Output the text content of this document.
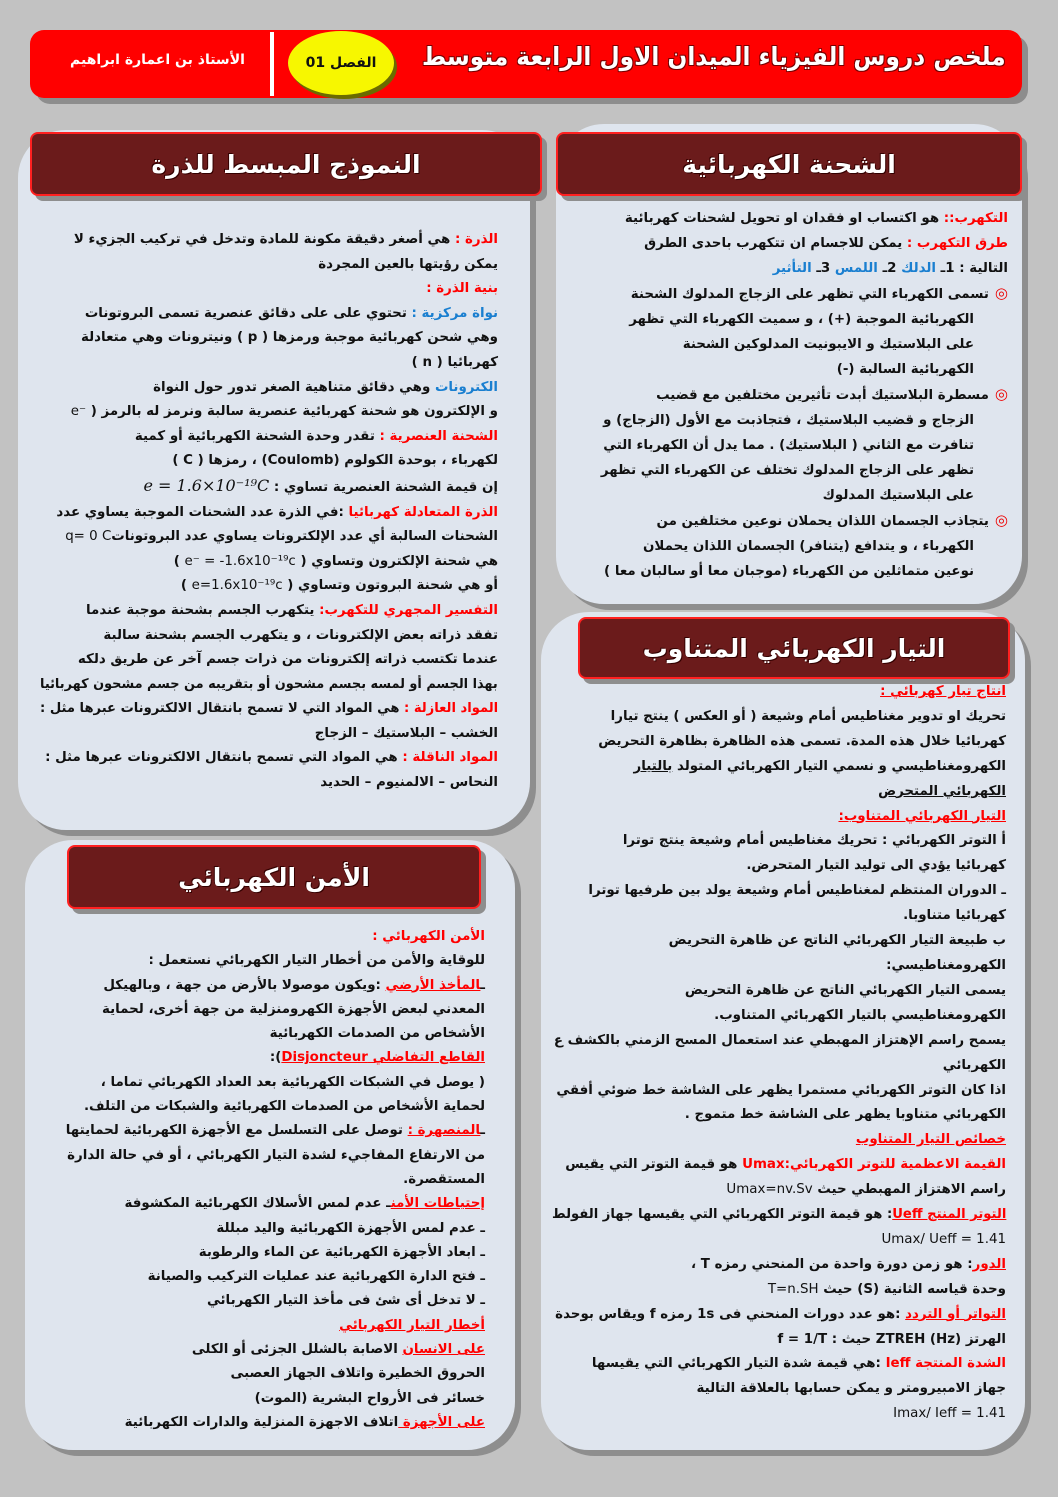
ملخص دروس الفيزياء الميدان الاول الرابعة متوسط
الفصل 01
الأستاذ بن اعمارة ابراهيم
الشحنة الكهربائية
التكهرب:: هو اكتساب او فقدان او تحويل لشحنات كهربائية
طرق التكهرب : يمكن للاجسام ان تتكهرب باحدى الطرق
التالية : 1ـ الدلك 2ـ اللمس 3ـ التأثير
◎تسمى الكهرباء التي تظهر على الزجاج المدلوك الشحنة
الكهربائية الموجبة (+) ، و سميت الكهرباء التي تظهر
على البلاستيك و الايبونيت المدلوكين الشحنة
الكهربائية السالبة (-)
◎مسطرة البلاستيك أبدت تأثيرين مختلفين مع قضيب
الزجاج و قضيب البلاستيك ، فتجاذبت مع الأول (الزجاج) و
تنافرت مع الثاني ( البلاستيك) . مما يدل أن الكهرباء التي
تظهر على الزجاج المدلوك تختلف عن الكهرباء التي تظهر
على البلاستيك المدلوك
◎يتجاذب الجسمان اللذان يحملان نوعين مختلفين من
الكهرباء ، و يتدافع (يتنافر) الجسمان اللذان يحملان
نوعين متماثلين من الكهرباء (موجبان معا أو سالبان معا )
النموذج المبسط للذرة
الذرة : هي أصغر دقيقة مكونة للمادة وتدخل في تركيب الجزيء لا
يمكن رؤيتها بالعين المجردة
بنية الذرة :
نواة مركزية : تحتوي على على دقائق عنصرية تسمى البروتونات
وهي شحن كهربائية موجبة ورمزها ( p ) ونيترونات وهي متعادلة
كهربائيا ( n )
الكترونات وهي دقائق متناهية الصغر تدور حول النواة
و الإلكترون هو شحنة كهربائية عنصرية سالبة ونرمز له بالرمز ( e⁻
الشحنة العنصرية : تقدر وحدة الشحنة الكهربائية أو كمية
لكهرباء ، بوحدة الكولوم (Coulomb) ، رمزها ( C )
إن قيمة الشحنة العنصرية تساوي : e = 1.6×10⁻¹⁹C
الذرة المتعادلة كهربائيا :في الذرة عدد الشحنات الموجبة يساوي عدد
الشحنات السالبة أي عدد الإلكترونات يساوي عدد البروتوناتq= 0 C
هي شحنة الإلكترون وتساوي ( e⁻ = -1.6x10⁻¹⁹c )
أو هي شحنة البروتون وتساوي ( e=1.6x10⁻¹⁹c )
التفسير المجهري للتكهرب: يتكهرب الجسم بشحنة موجبة عندما
تفقد ذراته بعض الإلكترونات ، و يتكهرب الجسم بشحنة سالبة
عندما تكتسب ذراته إلكترونات من ذرات جسم آخر عن طريق دلكه
بهذا الجسم أو لمسه بجسم مشحون أو بتقريبه من جسم مشحون كهربائيا
المواد العازلة : هي المواد التي لا تسمح بانتقال الالكترونات عبرها مثل :
الخشب – البلاستيك – الزجاج
المواد الناقلة : هي المواد التي تسمح بانتقال الالكترونات عبرها مثل :
النحاس – الالمنيوم – الحديد
التيار الكهربائي المتناوب
انتاج تيار كهربائي :
تحريك او تدوير مغناطيس أمام وشيعة ( أو العكس ) ينتج تيارا
كهربائيا خلال هذه المدة. تسمى هذه الظاهرة بظاهرة التحريض
الكهرومغناطيسي و نسمي التيار الكهربائي المتولد بالتيار
الكهربائي المتحرض
التيار الكهربائي المتناوب:
أ التوتر الكهربائي : تحريك مغناطيس أمام وشيعة ينتج توترا
كهربائيا يؤدي الى توليد التيار المتحرض.
ـ الدوران المنتظم لمغناطيس أمام وشيعة يولد بين طرفيها توترا
كهربائيا متناوبا.
ب طبيعة التيار الكهربائي الناتج عن ظاهرة التحريض
الكهرومغناطيسي:
يسمى التيار الكهربائي الناتج عن ظاهرة التحريض
الكهرومغناطيسي بالتيار الكهربائي المتناوب.
يسمح راسم الإهتزاز المهبطي عند استعمال المسح الزمني بالكشف ع
الكهربائي
اذا كان التوتر الكهربائي مستمرا يظهر على الشاشة خط ضوئي أفقي
الكهربائي متناوبا يظهر على الشاشة خط متموج .
خصائص التيار المتناوب
القيمة الاعظمية للتوتر الكهربائي:Umax هو قيمة التوتر التي يقيس
راسم الاهتزاز المهبطي حيث Umax=nv.Sv
التوتر المنتج Ueff: هو قيمة التوتر الكهربائي التي يقيسها جهاز الفولط
Umax/ Ueff = 1.41
الدور: هو زمن دورة واحدة من المنحني رمزه T ،
وحدة قياسه الثانية (S) حيث T=n.SH
التواتر أو التردد :هو عدد دورات المنحني فى 1s رمزه f ويقاس بوحدة
الهرتز ZTREH (Hz) حيث : f = 1/T
الشدة المنتجة Ieff :هي قيمة شدة التيار الكهربائي التي يقيسها
جهاز الامبيرومتر و يمكن حسابها بالعلاقة التالية
Imax/ Ieff = 1.41
الأمن الكهربائي
الأمن الكهربائي :
للوقاية والأمن من أخطار التيار الكهربائي نستعمل :
ـالمأخذ الأرضي :ويكون موصولا بالأرض من جهة ، وبالهيكل
المعدني لبعض الأجهزة الكهرومنزلية من جهة أخرى، لحماية
الأشخاص من الصدمات الكهربائية
القاطع التفاضلي Disjoncteur):
( يوصل في الشبكات الكهربائية بعد العداد الكهربائي تماما ،
لحماية الأشخاص من الصدمات الكهربائية والشبكات من التلف.
ـالمنصهرة : توصل على التسلسل مع الأجهزة الكهربائية لحمايتها
من الارتفاع المفاجيء لشدة التيار الكهربائي ، أو في حالة الدارة
المستقصرة.
إحتياطات الأمنـ عدم لمس الأسلاك الكهربائية المكشوفة
ـ عدم لمس الأجهزة الكهربائية واليد مبللة
ـ ابعاد الأجهزة الكهربائية عن الماء والرطوبة
ـ فتح الدارة الكهربائية عند عمليات التركيب والصيانة
ـ لا تدخل أى شئ فى مأخذ التيار الكهربائي
أخطار التيار الكهربائي
على الانسان الاصابة بالشلل الجزئى أو الكلى
الحروق الخطيرة واتلاف الجهاز العصبى
خسائر فى الأرواح البشرية (الموت)
على الأجهزة اتلاف الاجهزة المنزلية والدارات الكهربائية
